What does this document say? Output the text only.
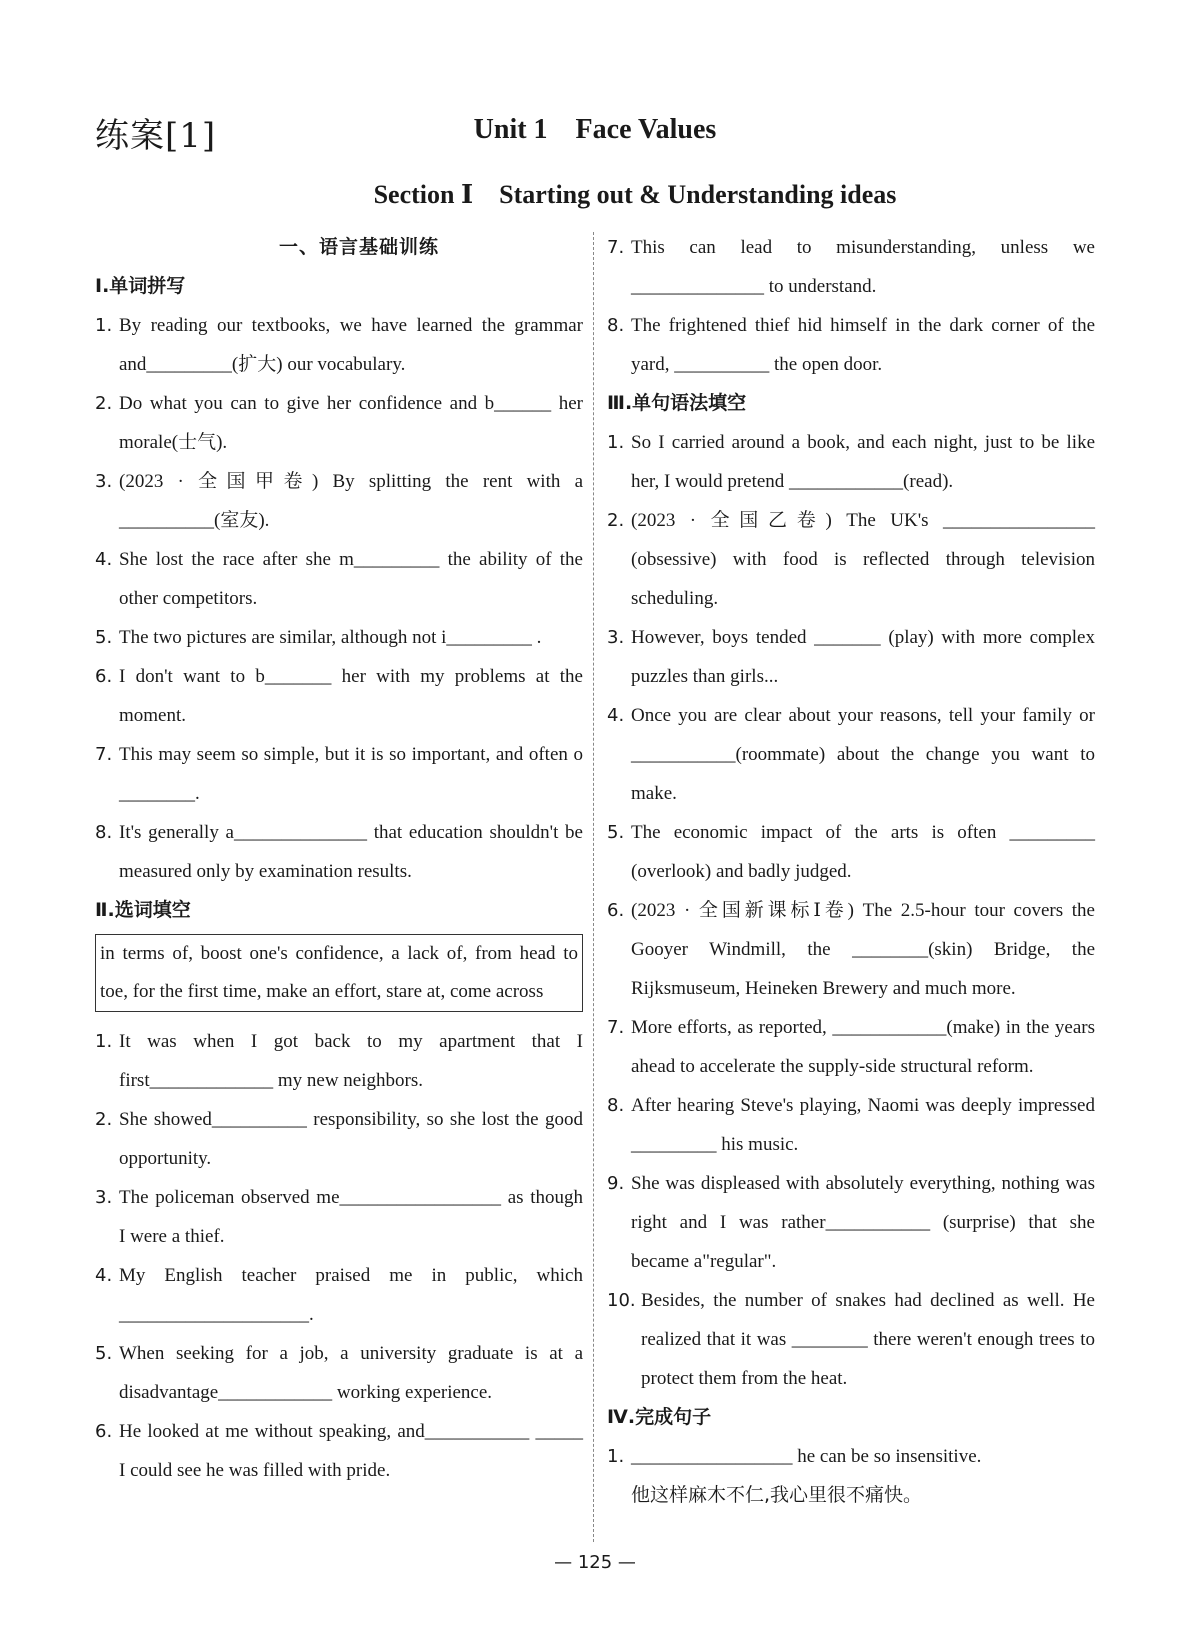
练案[1]	Unit 1    Face Values
Section Ⅰ    Starting out & Understanding ideas
一、语言基础训练
Ⅰ.单词拼写
1. By reading our textbooks, we have learned the grammar and_________(扩大) our vocabulary.
2. Do what you can to give her confidence and b______ her morale(士气).
3. (2023 · 全国甲卷) By splitting the rent with a __________(室友).
4. She lost the race after she m_________ the ability of the other competitors.
5. The two pictures are similar, although not i_________ .
6. I don't want to b_______ her with my problems at the moment.
7. This may seem so simple, but it is so important, and often o ________.
8. It's generally a______________ that education shouldn't be measured only by examination results.
Ⅱ.选词填空
in terms of, boost one's confidence, a lack of, from head to toe, for the first time, make an effort, stare at, come across
1. It was when I got back to my apartment that I first_____________ my new neighbors.
2. She showed__________ responsibility, so she lost the good opportunity.
3. The policeman observed me_________________ as though I were a thief.
4. My English teacher praised me in public, which ____________________.
5. When seeking for a job, a university graduate is at a disadvantage____________ working experience.
6. He looked at me without speaking, and___________ _____ I could see he was filled with pride.
7. This can lead to misunderstanding, unless we ______________ to understand.
8. The frightened thief hid himself in the dark corner of the yard, __________ the open door.
Ⅲ.单句语法填空
1. So I carried around a book, and each night, just to be like her, I would pretend ____________(read).
2. (2023 · 全国乙卷) The UK's ________________ (obsessive) with food is reflected through television scheduling.
3. However, boys tended _______ (play) with more complex puzzles than girls...
4. Once you are clear about your reasons, tell your family or ___________(roommate) about the change you want to make.
5. The economic impact of the arts is often _________ (overlook) and badly judged.
6. (2023 · 全国新课标Ⅰ卷) The 2.5-hour tour covers the Gooyer Windmill, the ________(skin) Bridge, the Rijksmuseum, Heineken Brewery and much more.
7. More efforts, as reported, ____________(make) in the years ahead to accelerate the supply-side structural reform.
8. After hearing Steve's playing, Naomi was deeply impressed _________ his music.
9. She was displeased with absolutely everything, nothing was right and I was rather___________ (surprise) that she became a"regular".
10. Besides, the number of snakes had declined as well. He realized that it was ________ there weren't enough trees to protect them from the heat.
Ⅳ.完成句子
1. _________________ he can be so insensitive.
他这样麻木不仁,我心里很不痛快。
— 125 —
